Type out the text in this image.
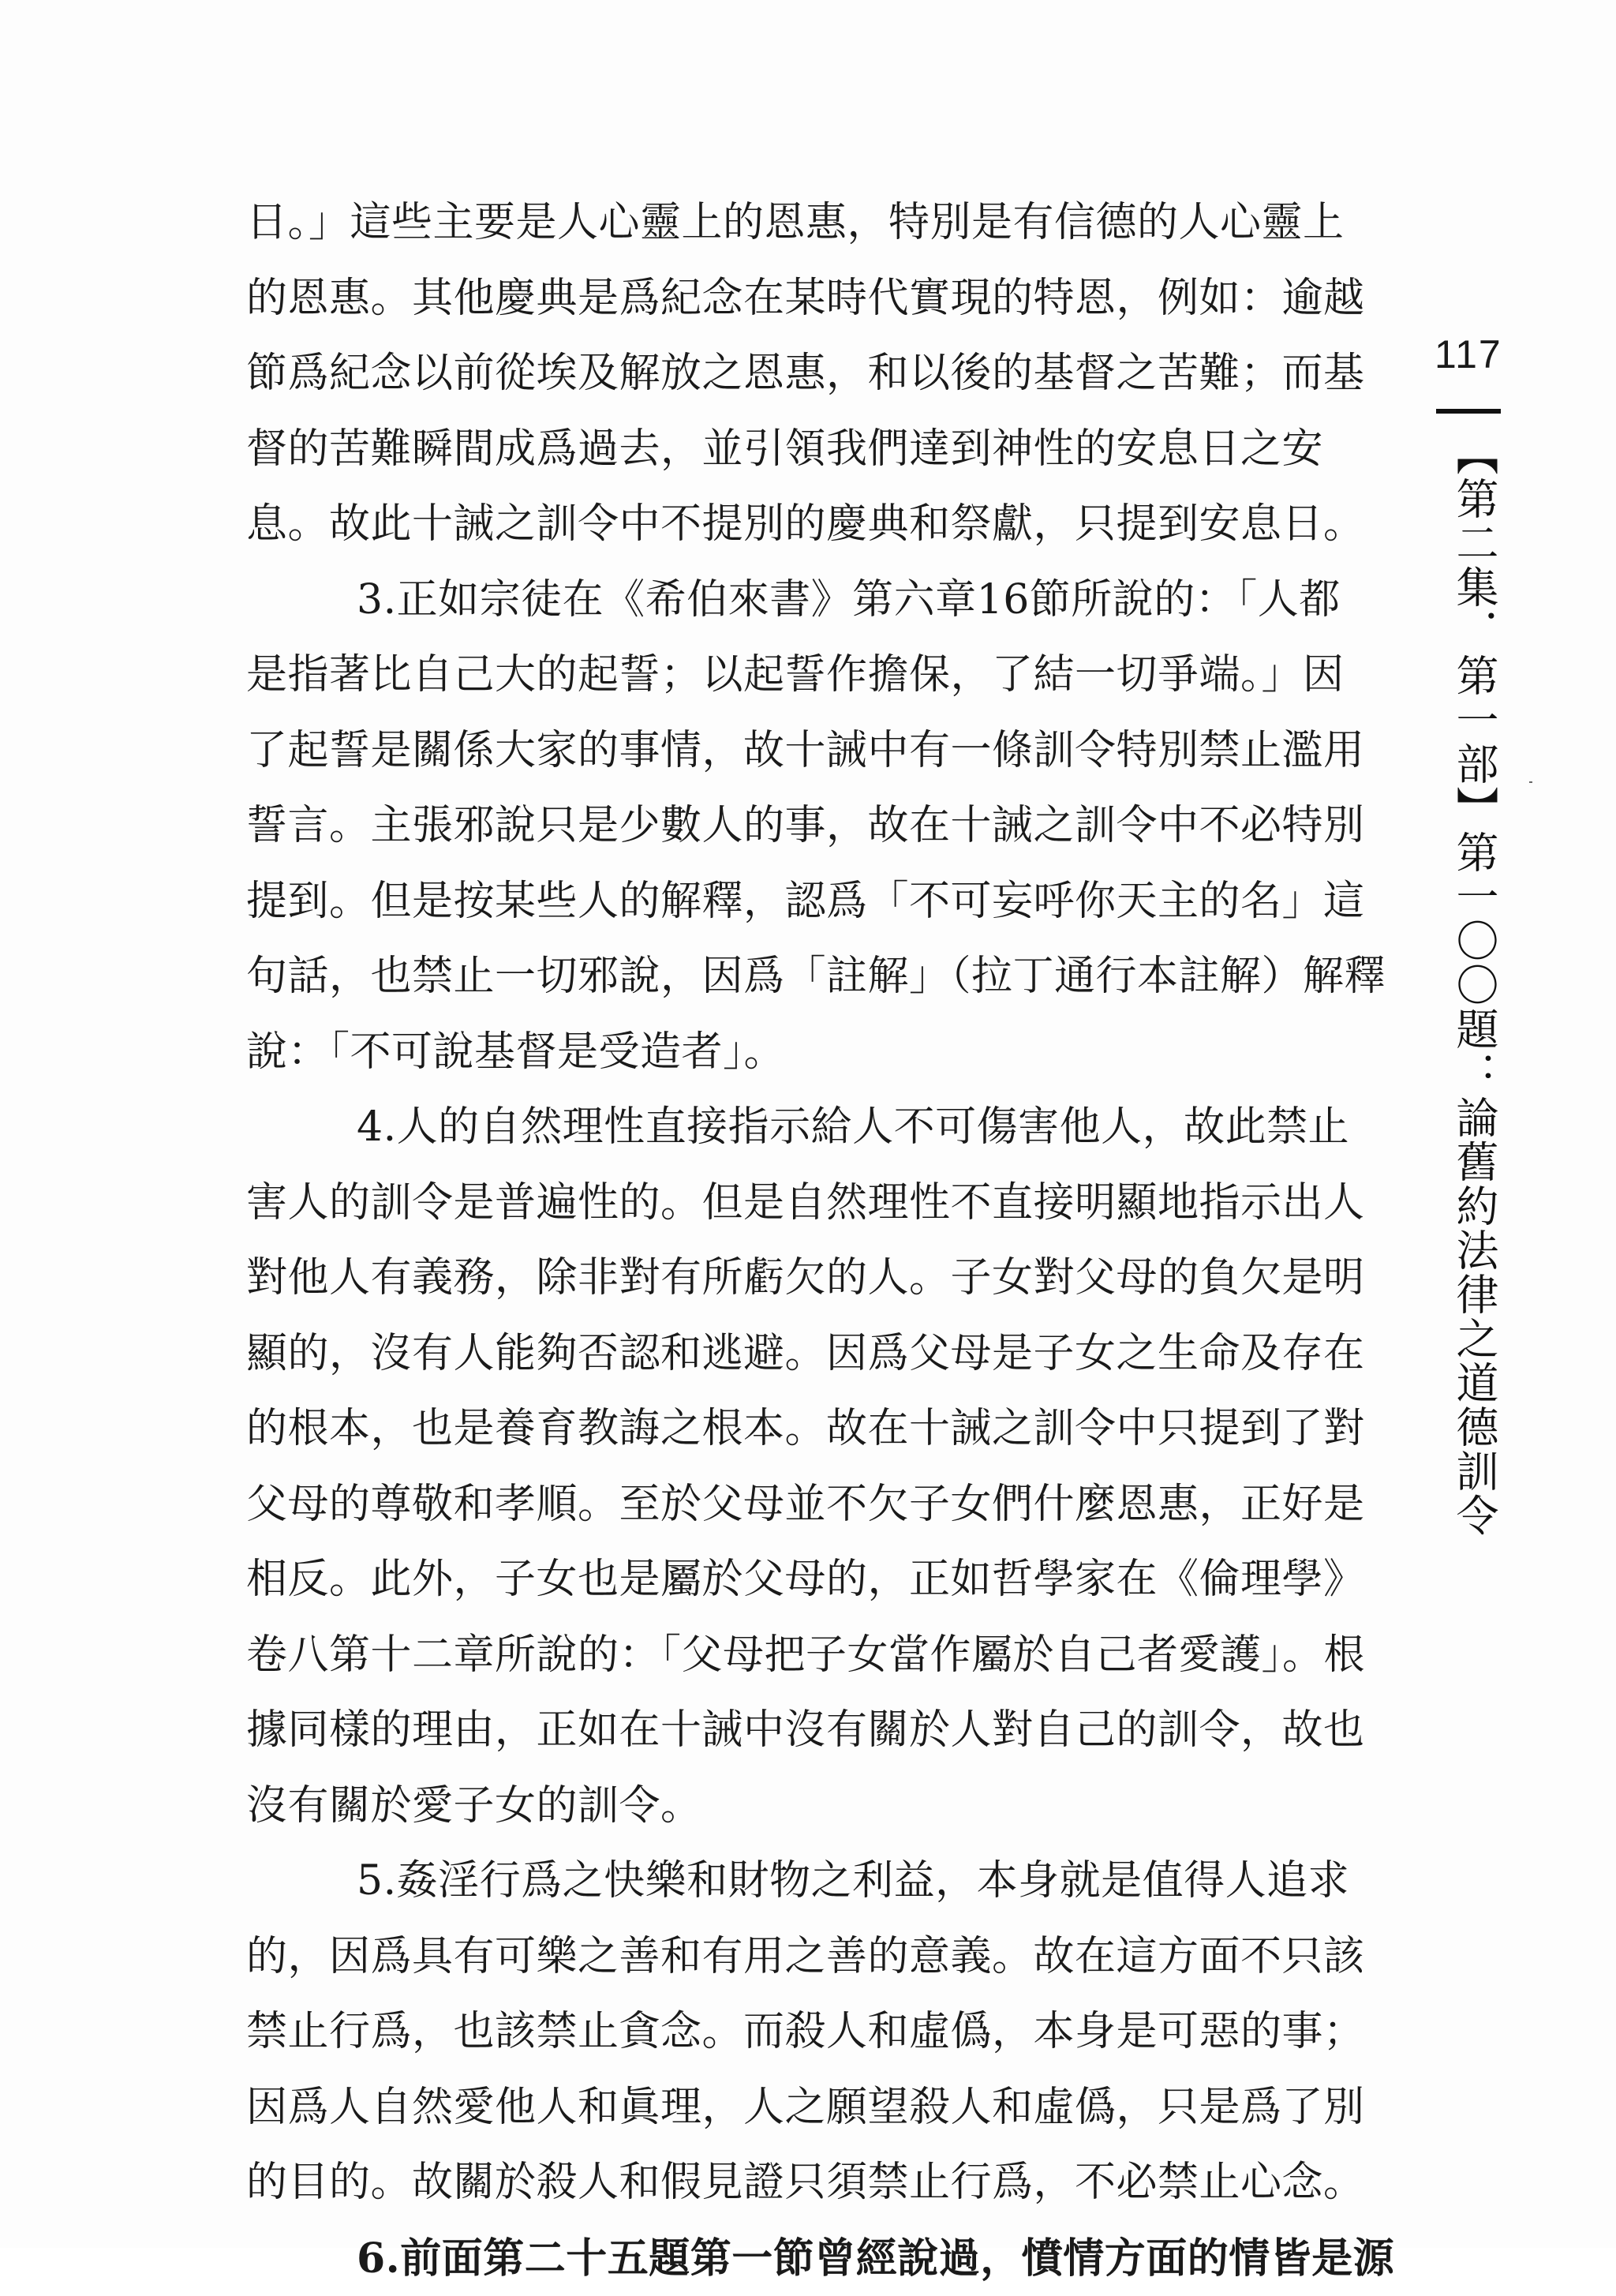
日。」這些主要是人心靈上的恩惠，特別是有信德的人心靈上
的恩惠。其他慶典是爲紀念在某時代實現的特恩，例如：逾越
節爲紀念以前從埃及解放之恩惠，和以後的基督之苦難；而基
督的苦難瞬間成爲過去，並引領我們達到神性的安息日之安
息。故此十誡之訓令中不提別的慶典和祭獻，只提到安息日。
3.正如宗徒在《希伯來書》第六章16節所說的：「人都
是指著比自己大的起誓；以起誓作擔保，了結一切爭端。」因
了起誓是關係大家的事情，故十誡中有一條訓令特別禁止濫用
誓言。主張邪說只是少數人的事，故在十誡之訓令中不必特別
提到。但是按某些人的解釋，認爲「不可妄呼你天主的名」這
句話，也禁止一切邪說，因爲「註解」（拉丁通行本註解）解釋
說：「不可說基督是受造者」。
4.人的自然理性直接指示給人不可傷害他人，故此禁止
害人的訓令是普遍性的。但是自然理性不直接明顯地指示出人
對他人有義務，除非對有所虧欠的人。子女對父母的負欠是明
顯的，沒有人能夠否認和逃避。因爲父母是子女之生命及存在
的根本，也是養育教誨之根本。故在十誡之訓令中只提到了對
父母的尊敬和孝順。至於父母並不欠子女們什麼恩惠，正好是
相反。此外，子女也是屬於父母的，正如哲學家在《倫理學》
卷八第十二章所說的：「父母把子女當作屬於自己者愛護」。根
據同樣的理由，正如在十誡中沒有關於人對自己的訓令，故也
沒有關於愛子女的訓令。
5.姦淫行爲之快樂和財物之利益，本身就是值得人追求
的，因爲具有可樂之善和有用之善的意義。故在這方面不只該
禁止行爲，也該禁止貪念。而殺人和虛僞，本身是可惡的事；
因爲人自然愛他人和眞理，人之願望殺人和虛僞，只是爲了別
的目的。故關於殺人和假見證只須禁止行爲，不必禁止心念。
6.前面第二十五題第一節曾經說過，憤情方面的情皆是源
117
【第二集．第一部】第一〇〇題：論舊約法律之道德訓令
